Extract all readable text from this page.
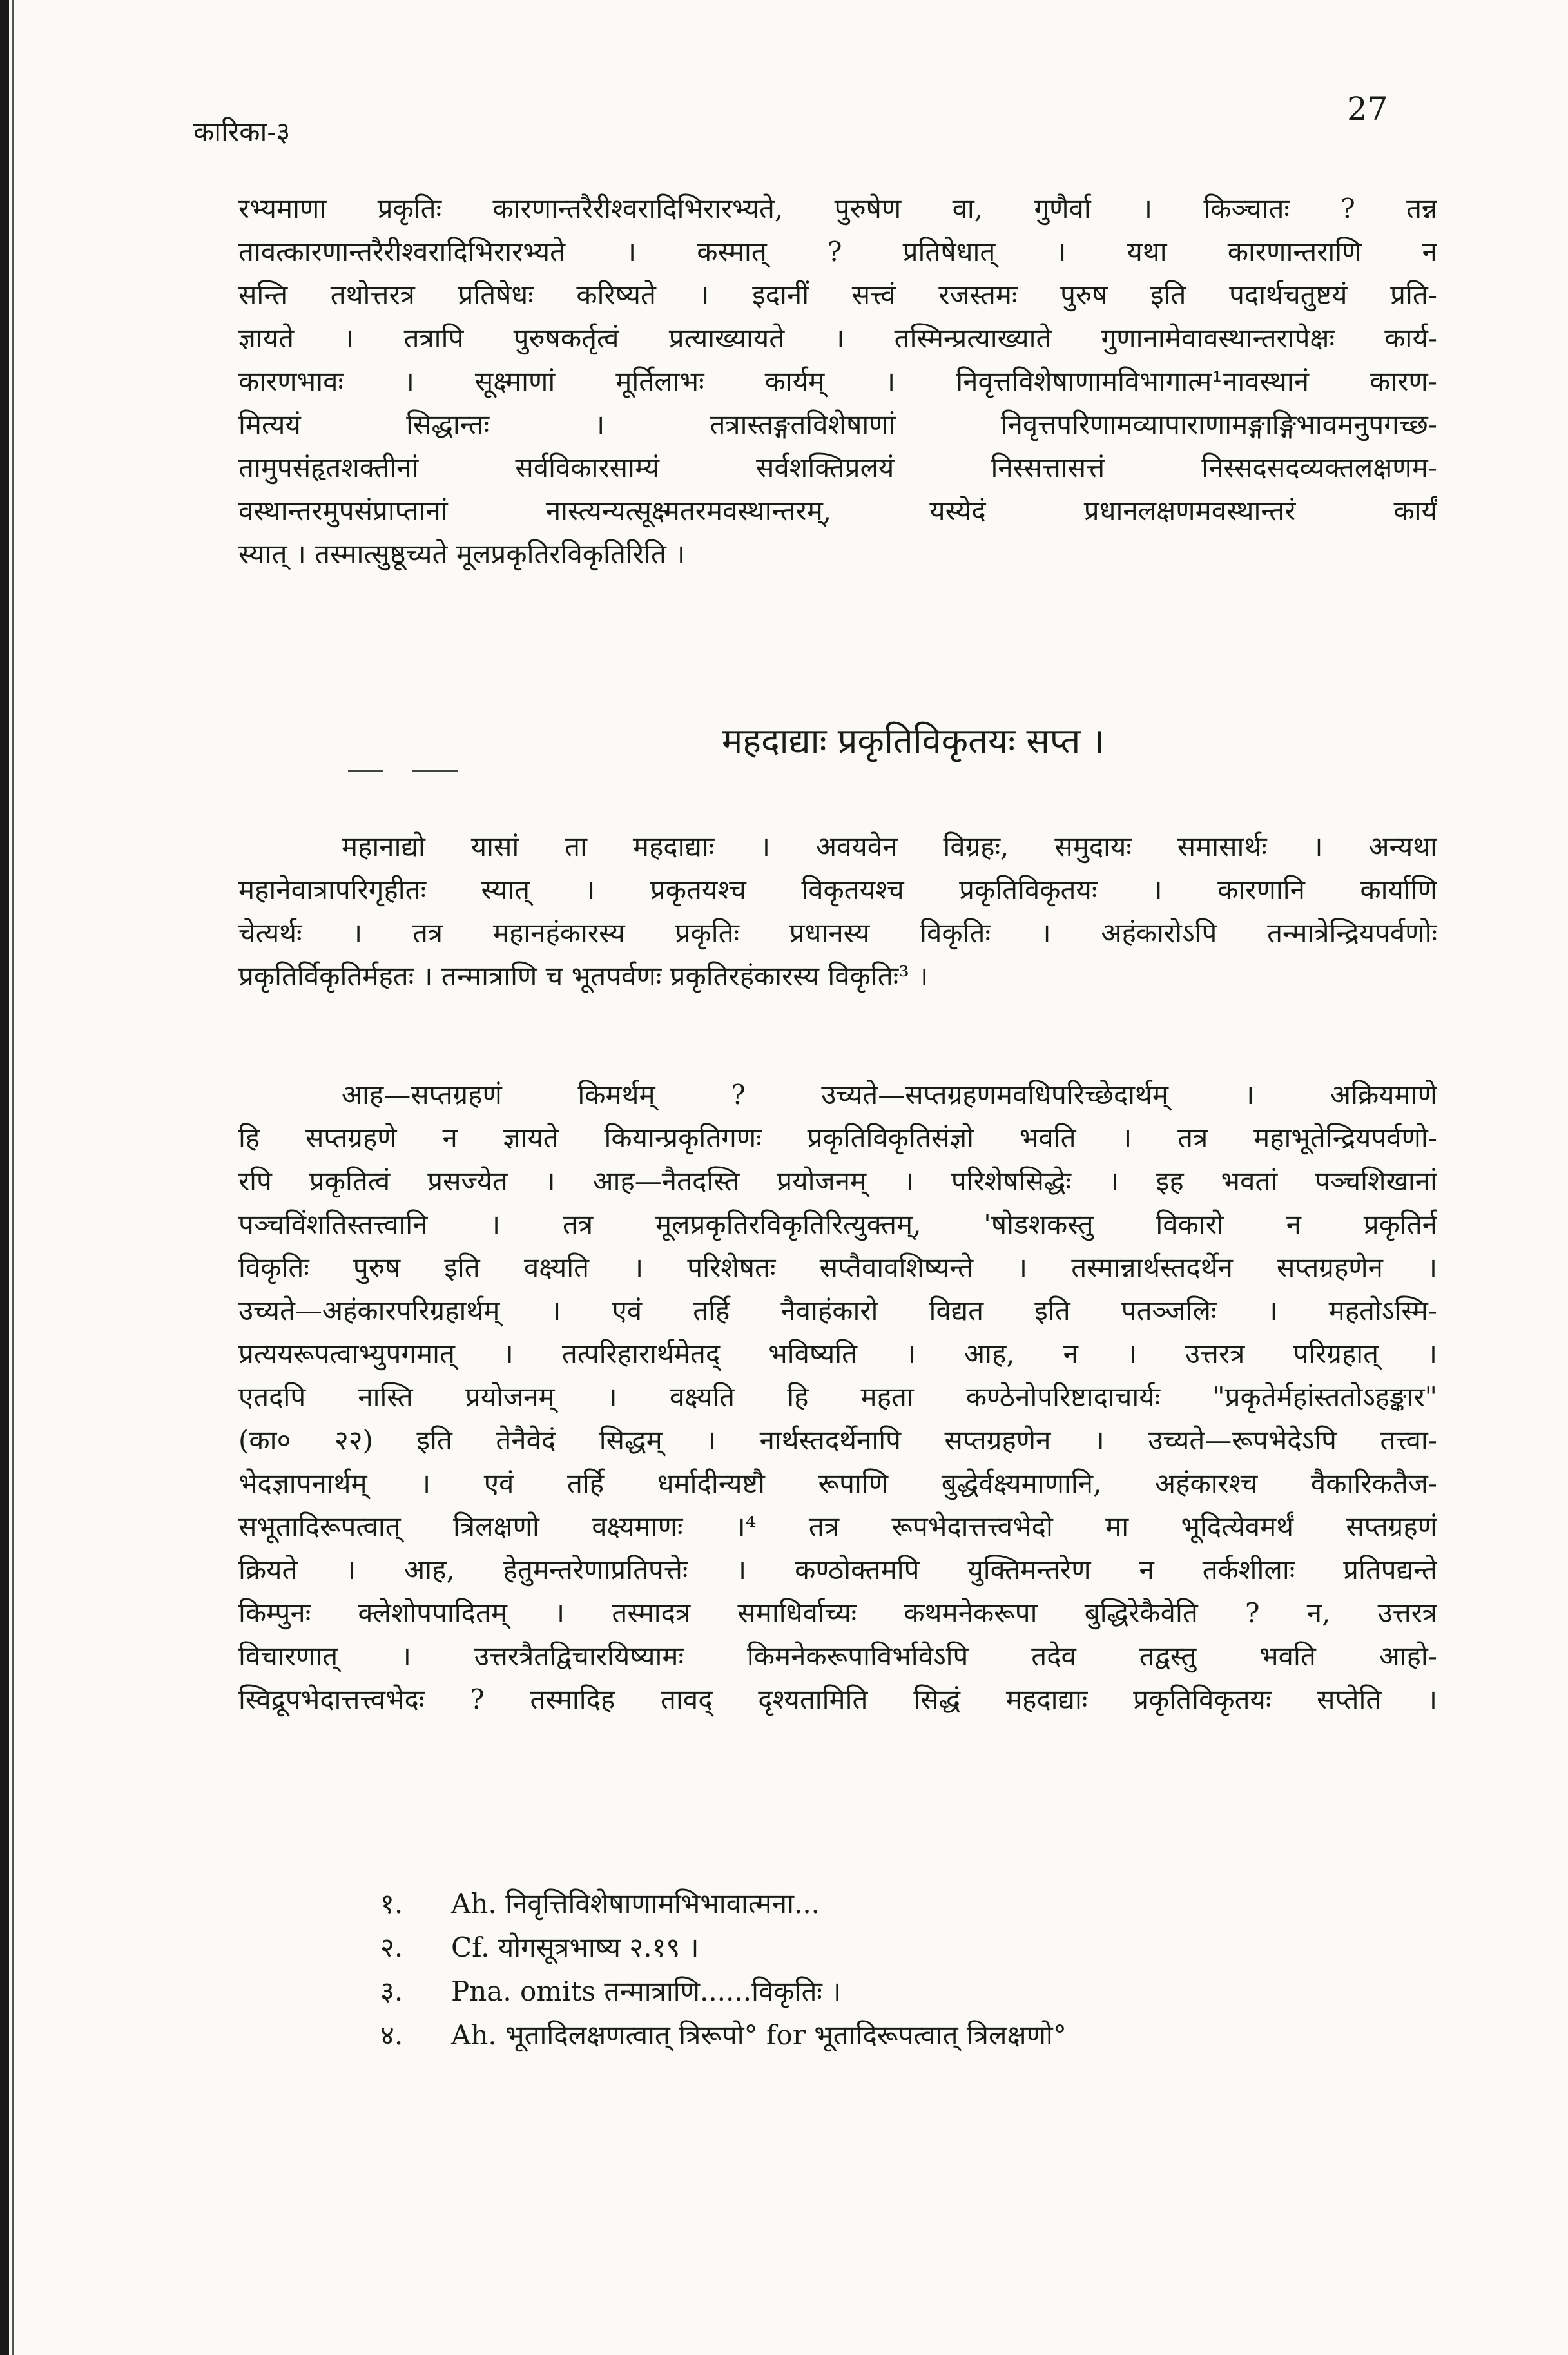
कारिका-३
27
रभ्यमाणा प्रकृतिः कारणान्तरैरीश्वरादिभिरारभ्यते, पुरुषेण वा, गुणैर्वा । किञ्चातः ? तन्न
तावत्कारणान्तरैरीश्वरादिभिरारभ्यते । कस्मात् ? प्रतिषेधात् । यथा कारणान्तराणि न
सन्ति तथोत्तरत्र प्रतिषेधः करिष्यते । इदानीं सत्त्वं रजस्तमः पुरुष इति पदार्थचतुष्टयं प्रति-
ज्ञायते । तत्रापि पुरुषकर्तृत्वं प्रत्याख्यायते । तस्मिन्प्रत्याख्याते गुणानामेवावस्थान्तरापेक्षः कार्य-
कारणभावः । सूक्ष्माणां मूर्तिलाभः कार्यम् । निवृत्तविशेषाणामविभागात्म¹नावस्थानं कारण-
मित्ययं सिद्धान्तः । तत्रास्तङ्गतविशेषाणां निवृत्तपरिणामव्यापाराणामङ्गाङ्गिभावमनुपगच्छ-
तामुपसंहृतशक्तीनां सर्वविकारसाम्यं सर्वशक्तिप्रलयं निस्सत्तासत्तं निस्सदसदव्यक्तलक्षणम-
वस्थान्तरमुपसंप्राप्तानां नास्त्यन्यत्सूक्ष्मतरमवस्थान्तरम्, यस्येदं प्रधानलक्षणमवस्थान्तरं कार्यं
स्यात् । तस्मात्सुष्ठूच्यते मूलप्रकृतिरविकृतिरिति ।
महदाद्याः प्रकृतिविकृतयः सप्त ।
महानाद्यो यासां ता महदाद्याः । अवयवेन विग्रहः, समुदायः समासार्थः । अन्यथा
महानेवात्रापरिगृहीतः स्यात् । प्रकृतयश्च विकृतयश्च प्रकृतिविकृतयः । कारणानि कार्याणि
चेत्यर्थः । तत्र महानहंकारस्य प्रकृतिः प्रधानस्य विकृतिः । अहंकारोऽपि तन्मात्रेन्द्रियपर्वणोः
प्रकृतिर्विकृतिर्महतः । तन्मात्राणि च भूतपर्वणः प्रकृतिरहंकारस्य विकृतिः³ ।
आह—सप्तग्रहणं किमर्थम् ? उच्यते—सप्तग्रहणमवधिपरिच्छेदार्थम् । अक्रियमाणे
हि सप्तग्रहणे न ज्ञायते कियान्प्रकृतिगणः प्रकृतिविकृतिसंज्ञो भवति । तत्र महाभूतेन्द्रियपर्वणो-
रपि प्रकृतित्वं प्रसज्येत । आह—नैतदस्ति प्रयोजनम् । परिशेषसिद्धेः । इह भवतां पञ्चशिखानां
पञ्चविंशतिस्तत्त्वानि । तत्र मूलप्रकृतिरविकृतिरित्युक्तम्, 'षोडशकस्तु विकारो न प्रकृतिर्न
विकृतिः पुरुष इति वक्ष्यति । परिशेषतः सप्तैवावशिष्यन्ते । तस्मान्नार्थस्तदर्थेन सप्तग्रहणेन ।
उच्यते—अहंकारपरिग्रहार्थम् । एवं तर्हि नैवाहंकारो विद्यत इति पतञ्जलिः । महतोऽस्मि-
प्रत्ययरूपत्वाभ्युपगमात् । तत्परिहारार्थमेतद् भविष्यति । आह, न । उत्तरत्र परिग्रहात् ।
एतदपि नास्ति प्रयोजनम् । वक्ष्यति हि महता कण्ठेनोपरिष्टादाचार्यः "प्रकृतेर्महांस्ततोऽहङ्कार"
(का० २२) इति तेनैवेदं सिद्धम् । नार्थस्तदर्थेनापि सप्तग्रहणेन । उच्यते—रूपभेदेऽपि तत्त्वा-
भेदज्ञापनार्थम् । एवं तर्हि धर्मादीन्यष्टौ रूपाणि बुद्धेर्वक्ष्यमाणानि, अहंकारश्च वैकारिकतैज-
सभूतादिरूपत्वात् त्रिलक्षणो वक्ष्यमाणः ।⁴ तत्र रूपभेदात्तत्त्वभेदो मा भूदित्येवमर्थं सप्तग्रहणं
क्रियते । आह, हेतुमन्तरेणाप्रतिपत्तेः । कण्ठोक्तमपि युक्तिमन्तरेण न तर्कशीलाः प्रतिपद्यन्ते
किम्पुनः क्लेशोपपादितम् । तस्मादत्र समाधिर्वाच्यः कथमनेकरूपा बुद्धिरेकैवेति ? न, उत्तरत्र
विचारणात् । उत्तरत्रैतद्विचारयिष्यामः किमनेकरूपाविर्भावेऽपि तदेव तद्वस्तु भवति आहो-
स्विद्रूपभेदात्तत्त्वभेदः ? तस्मादिह तावद् दृश्यतामिति सिद्धं महदाद्याः प्रकृतिविकृतयः सप्तेति ।
१.	Ah. निवृत्तिविशेषाणामभिभावात्मना...
२.	Cf. योगसूत्रभाष्य २.१९ ।
३.	Pna. omits तन्मात्राणि......विकृतिः ।
४.	Ah. भूतादिलक्षणत्वात् त्रिरूपो° for भूतादिरूपत्वात् त्रिलक्षणो°
